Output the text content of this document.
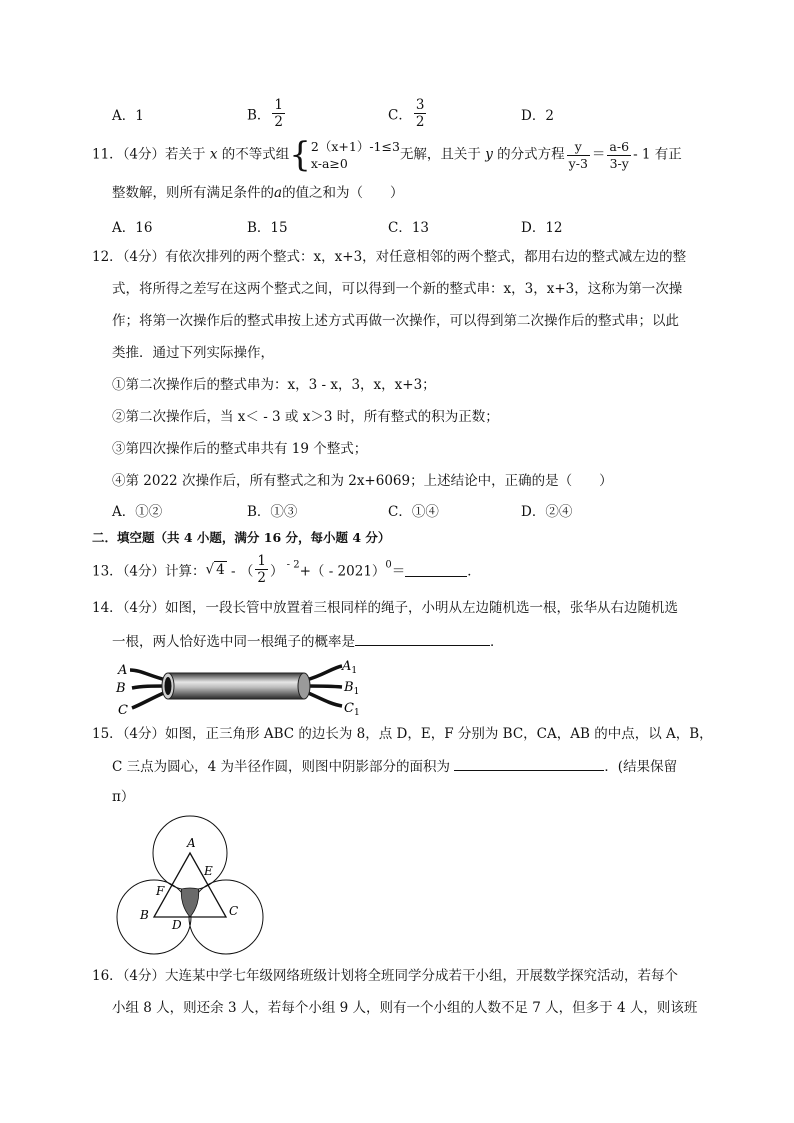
A．1	B． $\frac{1}{2}$	C． $\frac{3}{2}$	D．2
11．（4分）若关于 x 的不等式组{ 2（x+1）-1≤3
x-a≥0
无解，且关于 y 的分式方程 $\frac{y}{y-3} = \frac{a-6}{3-y} - 1$ 有正
整数解，则所有满足条件的a的值之和为（　　）
A．16	B．15	C．13	D．12
12．（4分）有依次排列的两个整式：x，x+3，对任意相邻的两个整式，都用右边的整式减左边的整
式，将所得之差写在这两个整式之间，可以得到一个新的整式串：x，3，x+3，这称为第一次操
作；将第一次操作后的整式串按上述方式再做一次操作，可以得到第二次操作后的整式串；以此
类推．通过下列实际操作，
①第二次操作后的整式串为：x，3 - x，3，x，x+3；
②第二次操作后，当 x＜ - 3 或 x＞3 时，所有整式的积为正数；
③第四次操作后的整式串共有 19 个整式；
④第 2022 次操作后，所有整式之和为 2x+6069；上述结论中，正确的是（　　）
A．①②	B．①③	C．①④	D．②④
二．填空题（共 4 小题，满分 16 分，每小题 4 分）
13．（4分）计算：√ 4 - （ $\frac{1}{2}$ ） $^{- 2}$+（ - 2021）$^0$＝	．
14．（4分）如图，一段长管中放置着三根同样的绳子，小明从左边随机选一根，张华从右边随机选
一根，两人恰好选中同一根绳子的概率是	．
A
B
C
$A_1$
$B_1$
$C_1$
15．（4分）如图，正三角形 ABC 的边长为 8，点 D，E，F 分别为 BC，CA，AB 的中点，以 A，B，
C 三点为圆心，4 为半径作圆，则图中阴影部分的面积为	．(结果保留
π）
A
B	C
D
E
F
16．（4分）大连某中学七年级网络班级计划将全班同学分成若干小组，开展数学探究活动，若每个
小组 8 人，则还余 3 人，若每个小组 9 人，则有一个小组的人数不足 7 人，但多于 4 人，则该班
